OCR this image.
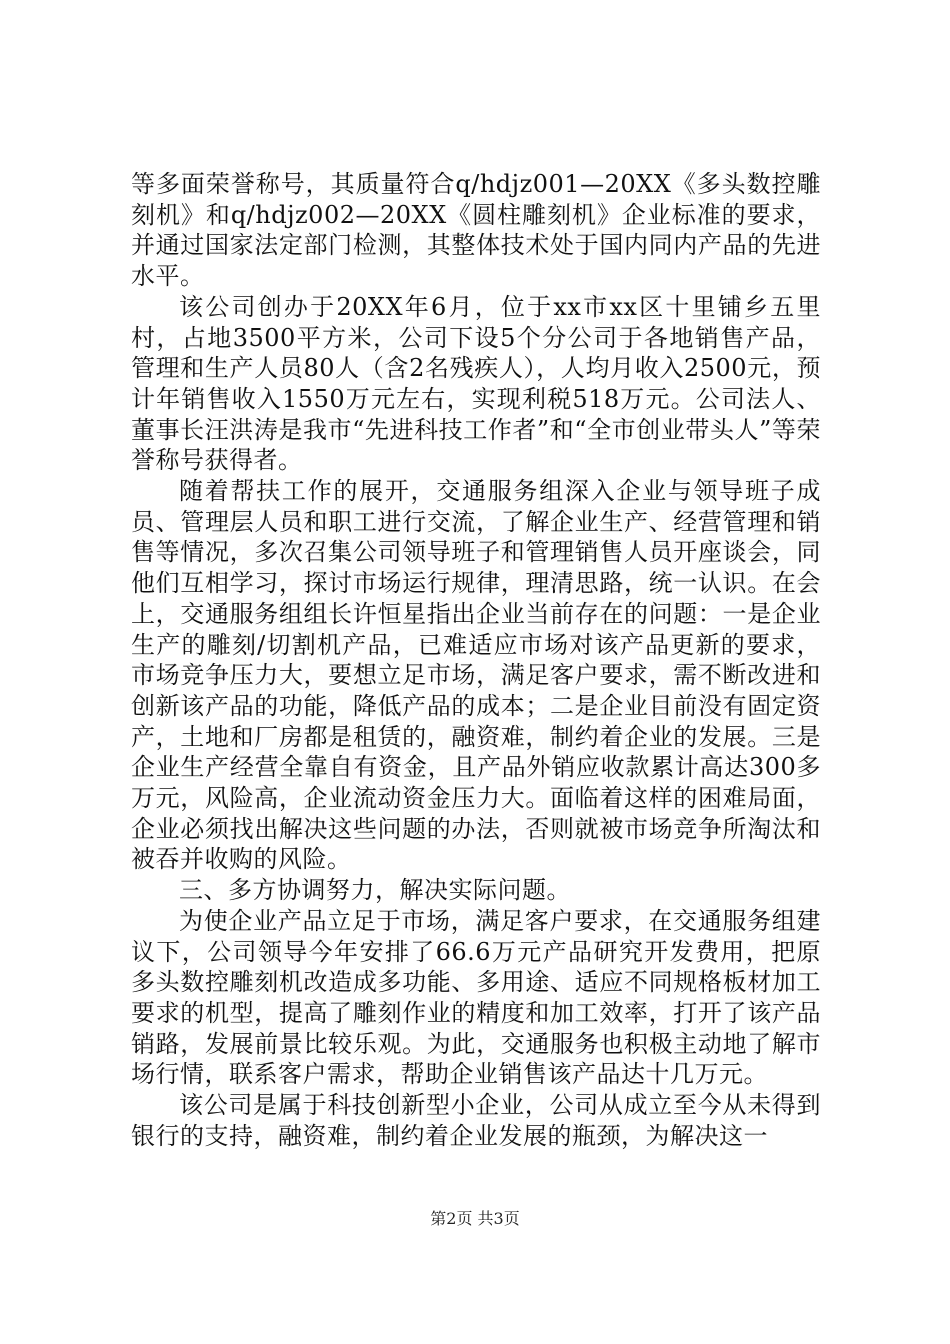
等多面荣誉称号，其质量符合q/hdjz001—20XX《多头数控雕刻机》和q/hdjz002—20XX《圆柱雕刻机》企业标准的要求，并通过国家法定部门检测，其整体技术处于国内同内产品的先进水平。

该公司创办于20XX年6月，位于xx市xx区十里铺乡五里村，占地3500平方米，公司下设5个分公司于各地销售产品，管理和生产人员80人（含2名残疾人），人均月收入2500元，预计年销售收入1550万元左右，实现利税518万元。公司法人、董事长汪洪涛是我市“先进科技工作者”和“全市创业带头人”等荣誉称号获得者。

随着帮扶工作的展开，交通服务组深入企业与领导班子成员、管理层人员和职工进行交流，了解企业生产、经营管理和销售等情况，多次召集公司领导班子和管理销售人员开座谈会，同他们互相学习，探讨市场运行规律，理清思路，统一认识。在会上，交通服务组组长许恒星指出企业当前存在的问题：一是企业生产的雕刻/切割机产品，已难适应市场对该产品更新的要求，市场竞争压力大，要想立足市场，满足客户要求，需不断改进和创新该产品的功能，降低产品的成本；二是企业目前没有固定资产，土地和厂房都是租赁的，融资难，制约着企业的发展。三是企业生产经营全靠自有资金，且产品外销应收款累计高达300多万元，风险高，企业流动资金压力大。面临着这样的困难局面，企业必须找出解决这些问题的办法，否则就被市场竞争所淘汰和被吞并收购的风险。

三、多方协调努力，解决实际问题。

为使企业产品立足于市场，满足客户要求，在交通服务组建议下，公司领导今年安排了66.6万元产品研究开发费用，把原多头数控雕刻机改造成多功能、多用途、适应不同规格板材加工要求的机型，提高了雕刻作业的精度和加工效率，打开了该产品销路，发展前景比较乐观。为此，交通服务也积极主动地了解市场行情，联系客户需求，帮助企业销售该产品达十几万元。

该公司是属于科技创新型小企业，公司从成立至今从未得到银行的支持，融资难，制约着企业发展的瓶颈，为解决这一

第2页 共3页
